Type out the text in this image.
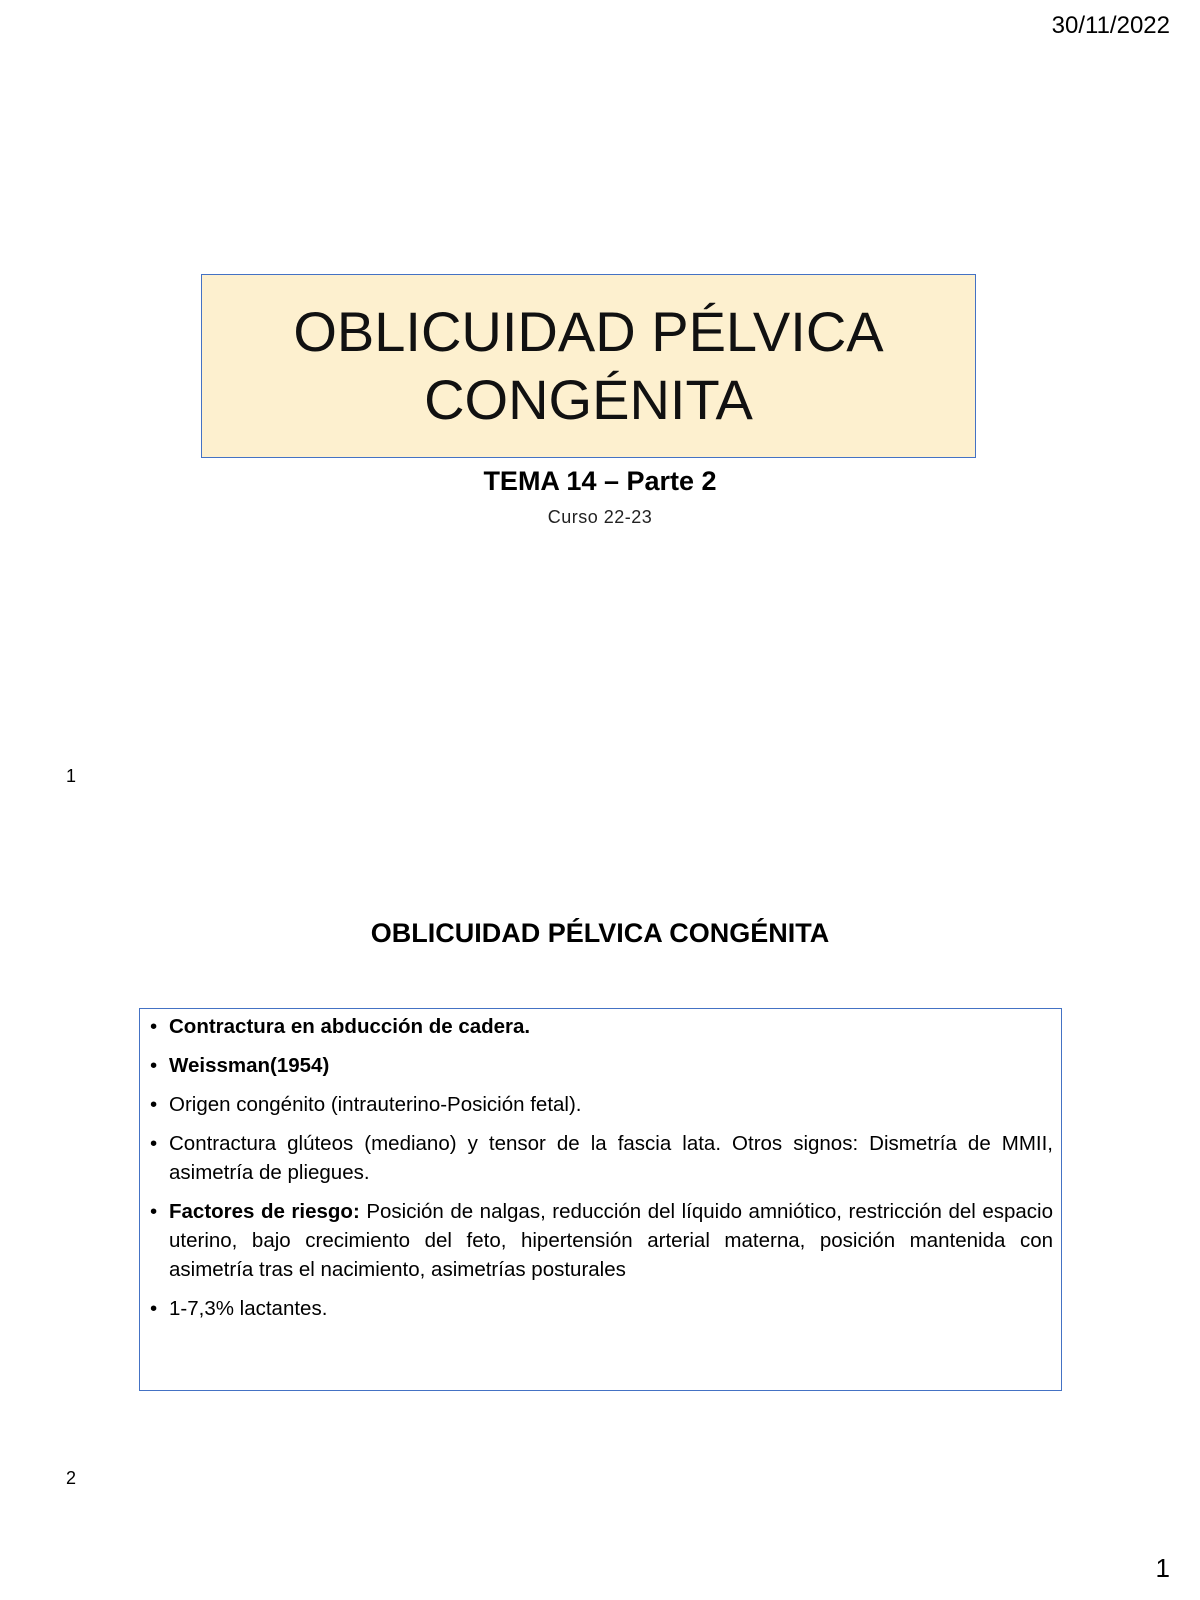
30/11/2022
OBLICUIDAD PÉLVICA
CONGÉNITA
TEMA 14 – Parte 2
Curso 22-23
1
OBLICUIDAD PÉLVICA CONGÉNITA
• Contractura en abducción de cadera.
• Weissman(1954)
• Origen congénito (intrauterino-Posición fetal).
• Contractura glúteos (mediano) y tensor de la fascia lata. Otros signos: Dismetría de MMII, asimetría de pliegues.
• Factores de riesgo: Posición de nalgas, reducción del líquido amniótico, restricción del espacio uterino, bajo crecimiento del feto, hipertensión arterial materna, posición mantenida con asimetría tras el nacimiento, asimetrías posturales
• 1-7,3% lactantes.
2
1
